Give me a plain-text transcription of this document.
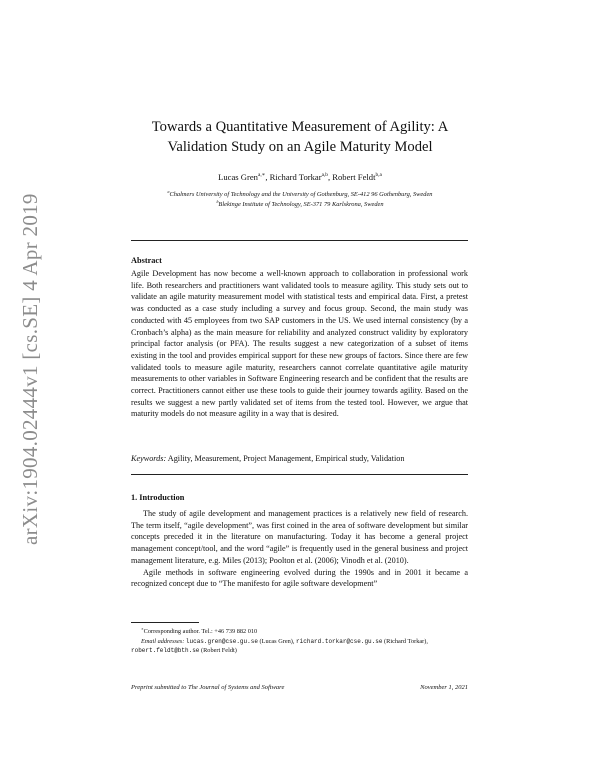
arXiv:1904.02444v1 [cs.SE] 4 Apr 2019
Towards a Quantitative Measurement of Agility: A
Validation Study on an Agile Maturity Model
Lucas Gren$^{a,∗}$, Richard Torkar$^{a,b}$, Robert Feldt$^{b,a}$
$^a$Chalmers University of Technology and the University of Gothenburg, SE-412 96 Gothenburg, Sweden
$^b$Blekinge Institute of Technology, SE-371 79 Karlskrona, Sweden
Abstract

Agile Development has now become a well-known approach to collaboration in professional work life. Both researchers and practitioners want validated tools to measure agility. This study sets out to validate an agile maturity measurement model with statistical tests and empirical data. First, a pretest was conducted as a case study including a survey and focus group. Second, the main study was conducted with 45 employees from two SAP customers in the US. We used internal consistency (by a Cronbach’s alpha) as the main measure for reliability and analyzed construct validity by exploratory principal factor analysis (or PFA). The results suggest a new categorization of a subset of items existing in the tool and provides empirical support for these new groups of factors. Since there are few validated tools to measure agile maturity, researchers cannot correlate quantitative agile maturity measurements to other variables in Software Engineering research and be confident that the results are correct. Practitioners cannot either use these tools to guide their journey towards agility. Based on the results we suggest a new partly validated set of items from the tested tool. However, we argue that maturity models do not measure agility in a way that is desired.

Keywords: Agility, Measurement, Project Management, Empirical study, Validation
1. Introduction

The study of agile development and management practices is a relatively new field of research. The term itself, “agile development”, was first coined in the area of software development but similar concepts preceded it in the literature on manufacturing. Today it has become a general project management concept/tool, and the word “agile” is frequently used in the general business and project management literature, e.g. Miles (2013); Poolton et al. (2006); Vinodh et al. (2010).

Agile methods in software engineering evolved during the 1990s and in 2001 it became a recognized concept due to “The manifesto for agile software development”

∗Corresponding author. Tel.: +46 739 882 010
Email addresses: lucas.gren@cse.gu.se (Lucas Gren), richard.torkar@cse.gu.se (Richard Torkar), robert.feldt@bth.se (Robert Feldt)
Preprint submitted to The Journal of Systems and Software	November 1, 2021
